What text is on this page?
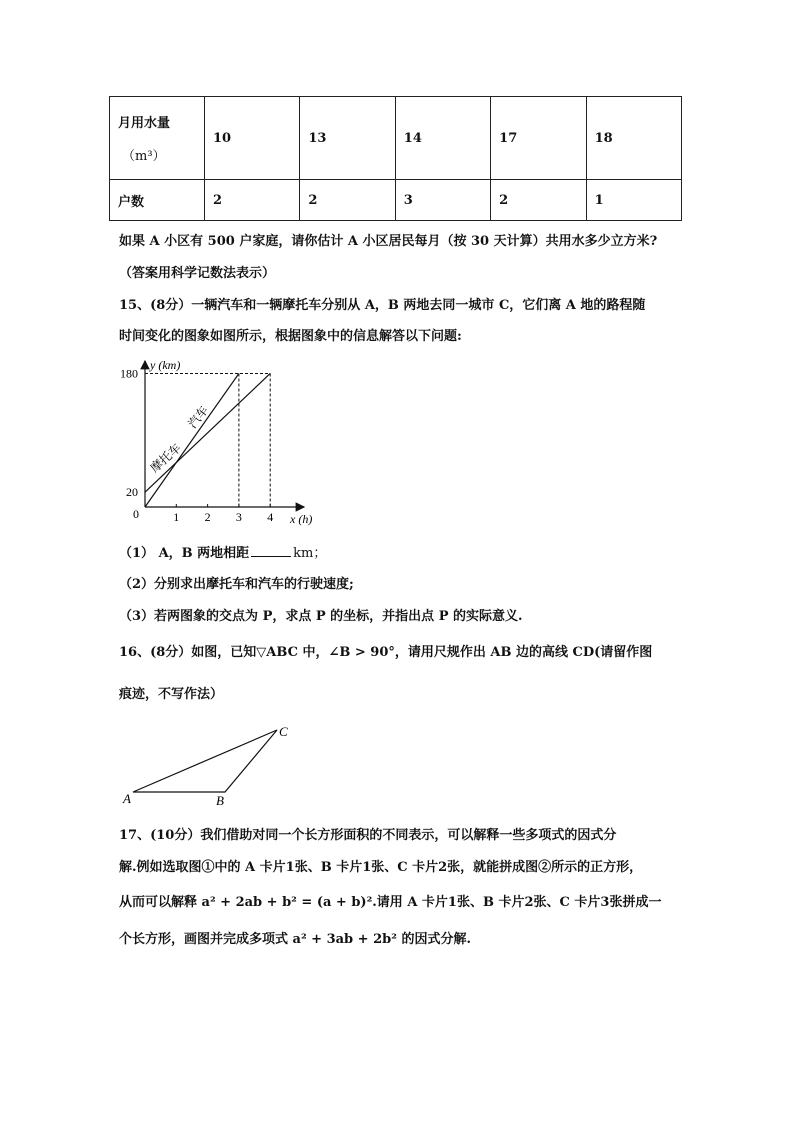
月用水量
（m³）	10	13	14	17	18
户数	2	2	3	2	1
如果 A 小区有 500 户家庭，请你估计 A 小区居民每月（按 30 天计算）共用水多少立方米?
（答案用科学记数法表示）
15、(8分）一辆汽车和一辆摩托车分别从 A，B 两地去同一城市 C，它们离 A 地的路程随
时间变化的图象如图所示，根据图象中的信息解答以下问题:
y (km)
x (h)
0
180
20
1 2 3 4
汽车
摩托车
（1） A，B 两地相距	km；
（2）分别求出摩托车和汽车的行驶速度;
（3）若两图象的交点为 P，求点 P 的坐标，并指出点 P 的实际意义.
16、(8分）如图，已知▽ABC 中，∠B > 90°，请用尺规作出 AB 边的高线 CD(请留作图
痕迹，不写作法）
A	B
C
17、(10分）我们借助对同一个长方形面积的不同表示，可以解释一些多项式的因式分
解.例如选取图①中的 A 卡片1张、B 卡片1张、C 卡片2张，就能拼成图②所示的正方形，
从而可以解释 a² + 2ab + b² = (a + b)².请用 A 卡片1张、B 卡片2张、C 卡片3张拼成一
个长方形，画图并完成多项式 a² + 3ab + 2b² 的因式分解.
